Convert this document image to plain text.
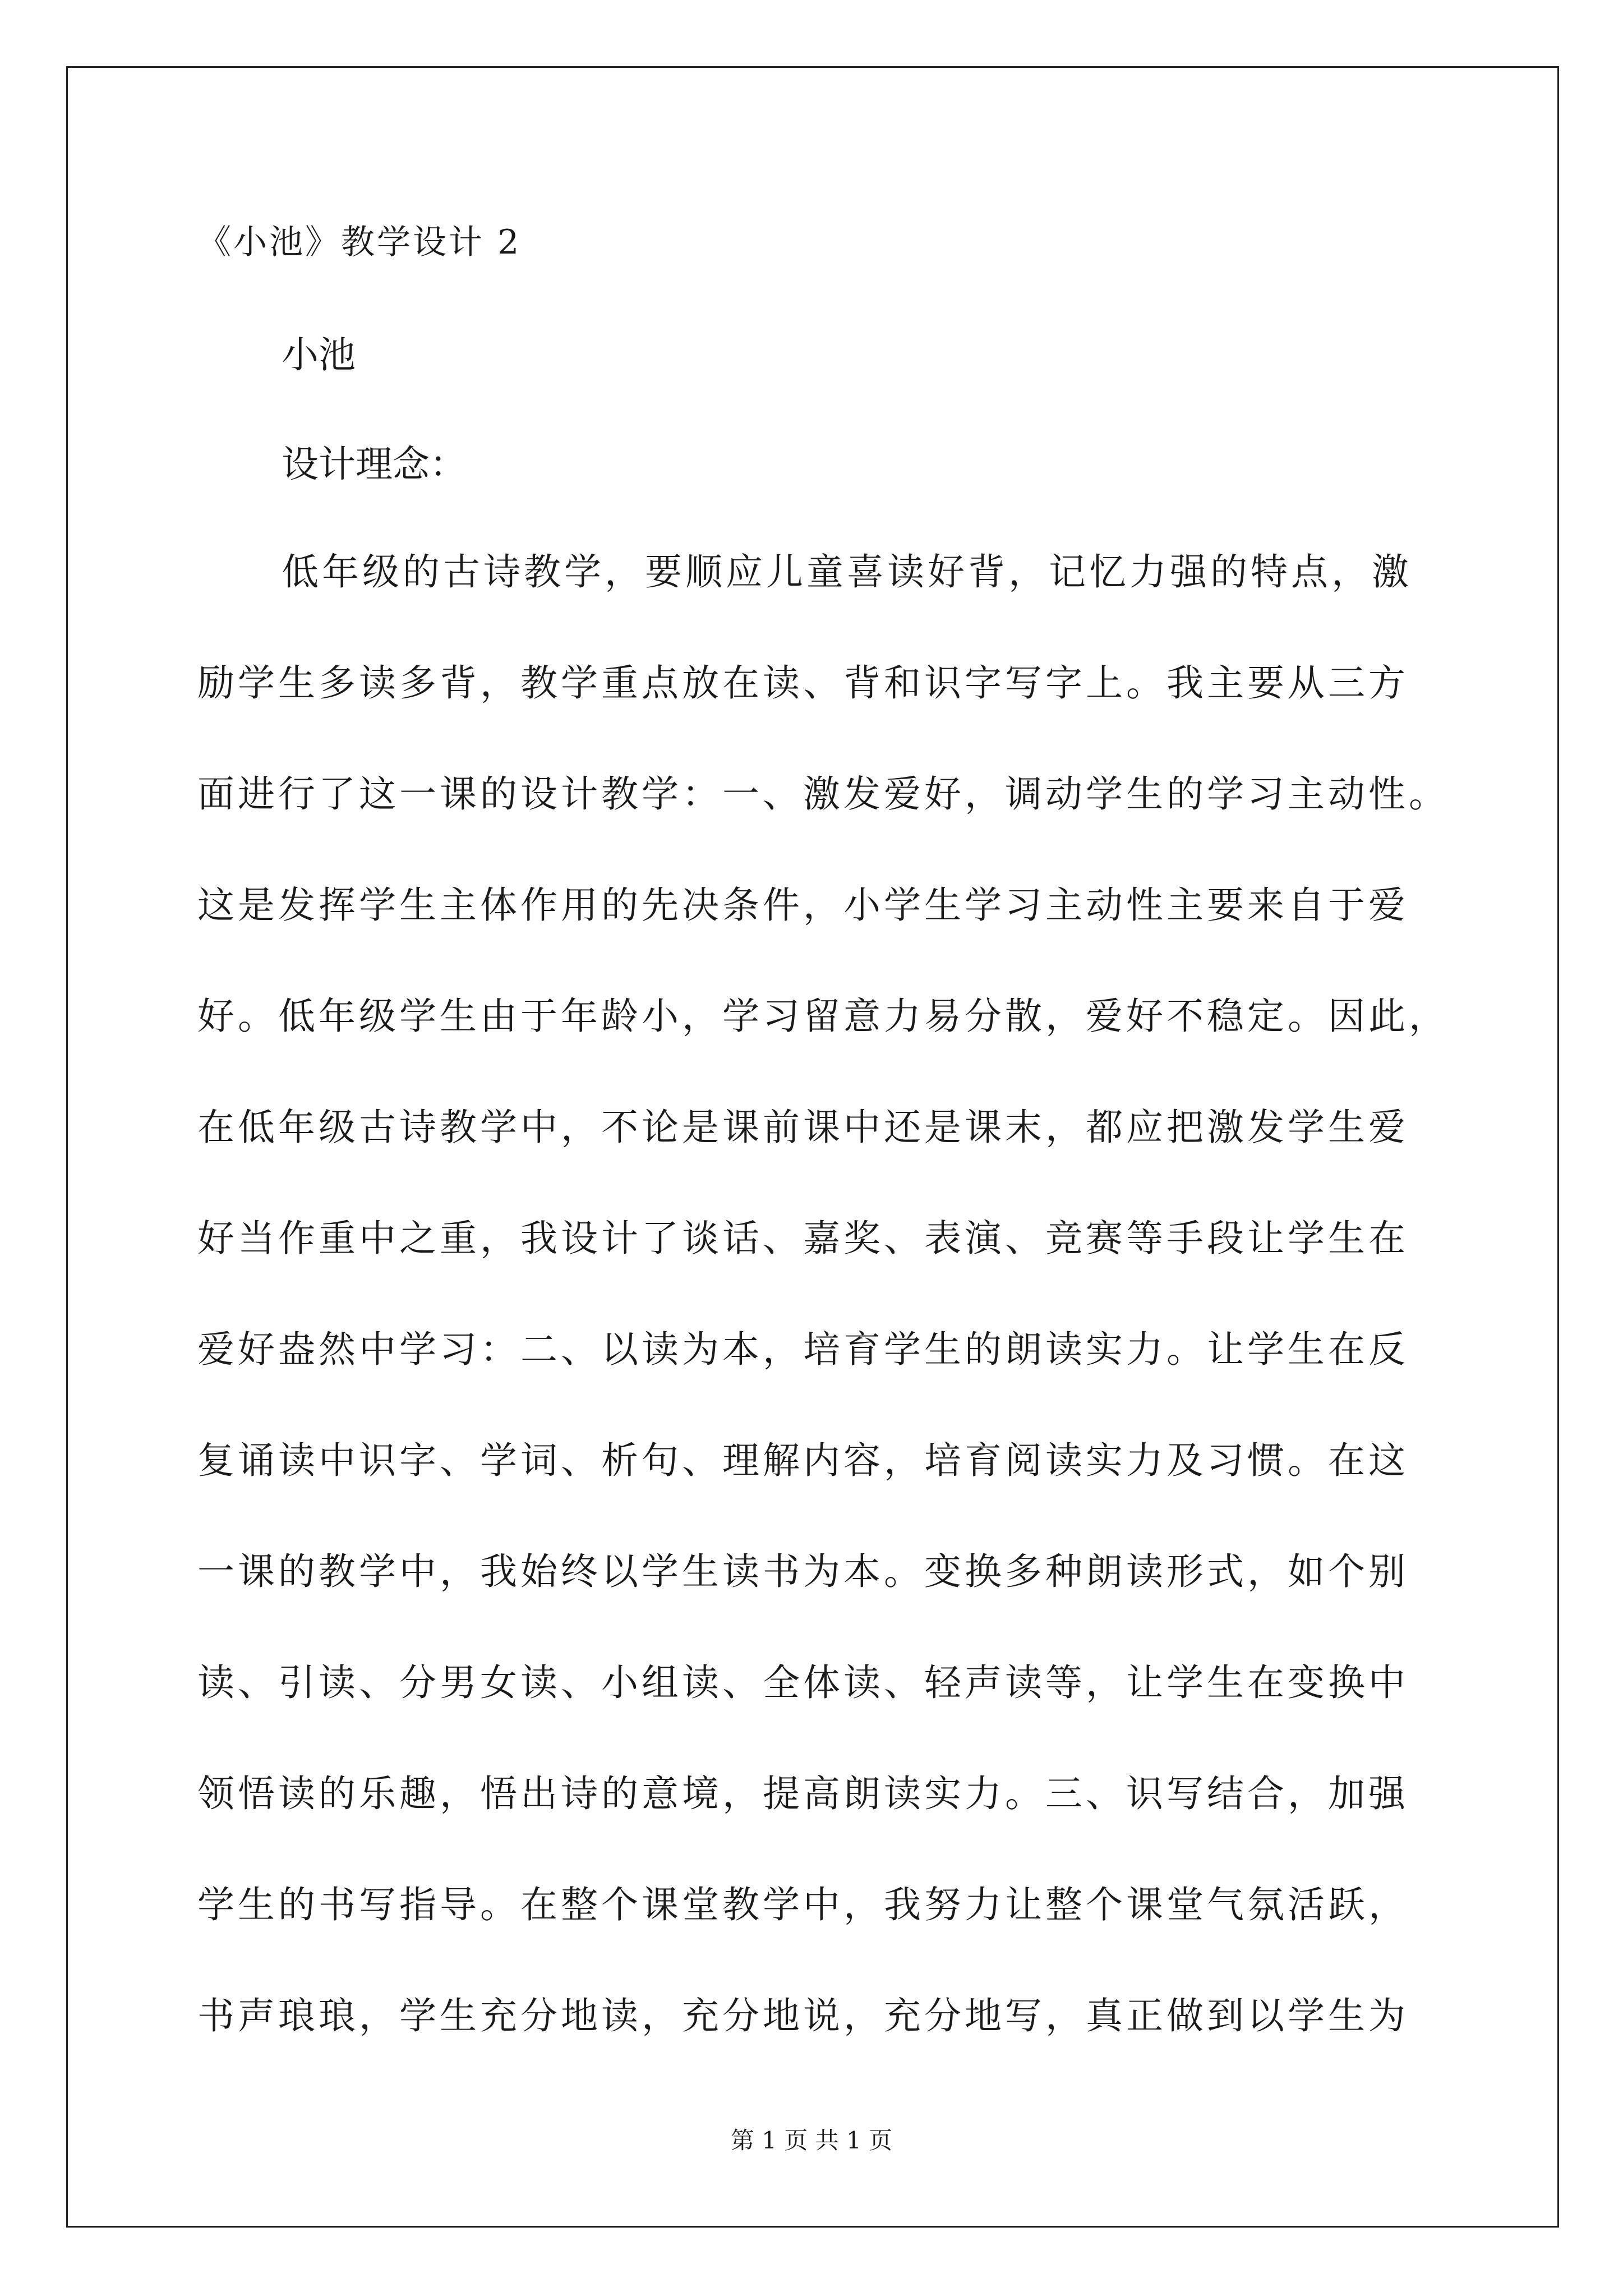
《小池》教学设计 2
小池
设计理念：
低年级的古诗教学，要顺应儿童喜读好背，记忆力强的特点，激
励学生多读多背，教学重点放在读、背和识字写字上。我主要从三方
面进行了这一课的设计教学：一、激发爱好，调动学生的学习主动性。
这是发挥学生主体作用的先决条件，小学生学习主动性主要来自于爱
好。低年级学生由于年龄小，学习留意力易分散，爱好不稳定。因此，
在低年级古诗教学中，不论是课前课中还是课末，都应把激发学生爱
好当作重中之重，我设计了谈话、嘉奖、表演、竞赛等手段让学生在
爱好盎然中学习：二、以读为本，培育学生的朗读实力。让学生在反
复诵读中识字、学词、析句、理解内容，培育阅读实力及习惯。在这
一课的教学中，我始终以学生读书为本。变换多种朗读形式，如个别
读、引读、分男女读、小组读、全体读、轻声读等，让学生在变换中
领悟读的乐趣，悟出诗的意境，提高朗读实力。三、识写结合，加强
学生的书写指导。在整个课堂教学中，我努力让整个课堂气氛活跃，
书声琅琅，学生充分地读，充分地说，充分地写，真正做到以学生为
第 1 页 共 1 页
